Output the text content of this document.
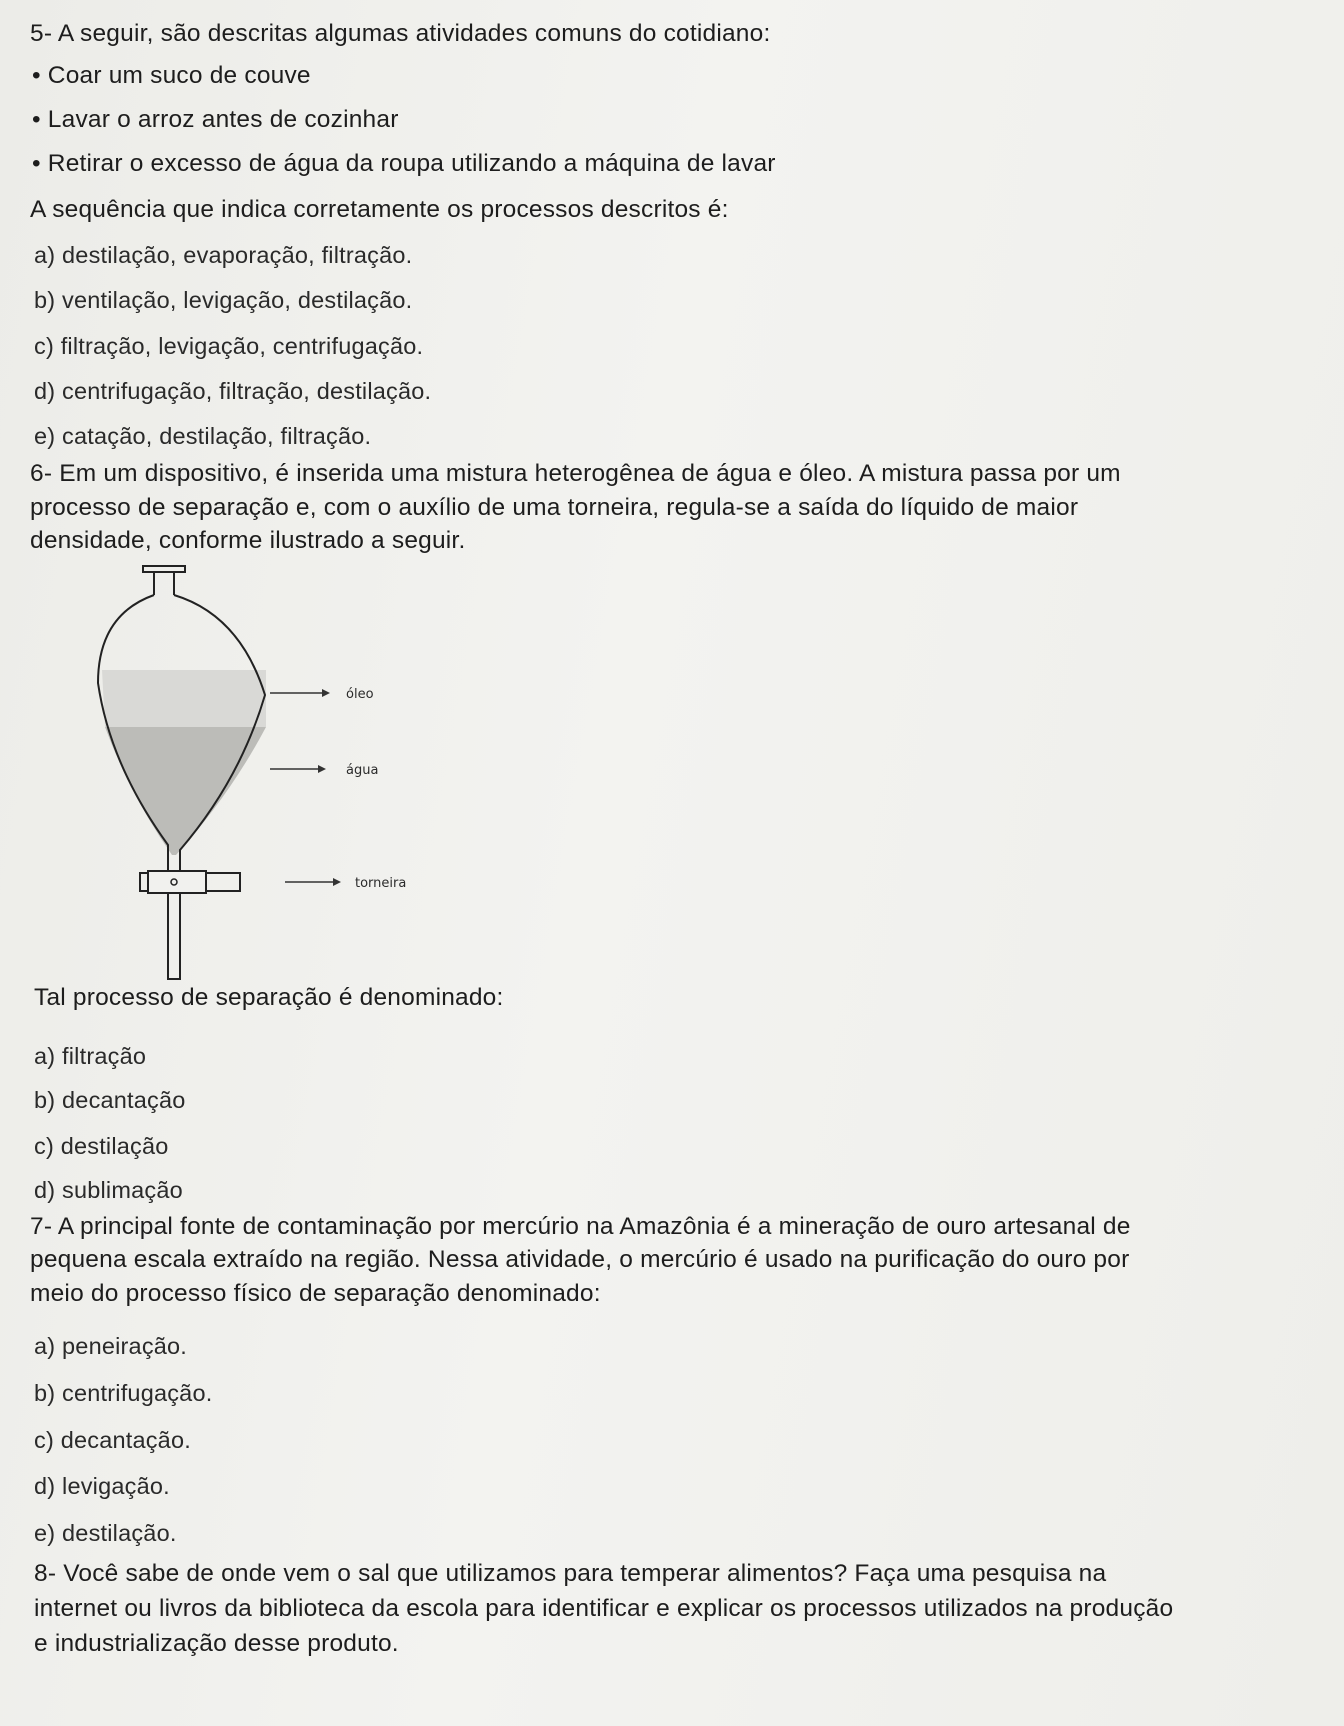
5- A seguir, são descritas algumas atividades comuns do cotidiano:
• Coar um suco de couve
• Lavar o arroz antes de cozinhar
• Retirar o excesso de água da roupa utilizando a máquina de lavar
A sequência que indica corretamente os processos descritos é:
a) destilação, evaporação, filtração.
b) ventilação, levigação, destilação.
c) filtração, levigação, centrifugação.
d) centrifugação, filtração, destilação.
e) catação, destilação, filtração.
6- Em um dispositivo, é inserida uma mistura heterogênea de água e óleo. A mistura passa por um
processo de separação e, com o auxílio de uma torneira, regula-se a saída do líquido de maior
densidade, conforme ilustrado a seguir.
óleo
água
torneira
Tal processo de separação é denominado:
a) filtração
b) decantação
c) destilação
d) sublimação
7- A principal fonte de contaminação por mercúrio na Amazônia é a mineração de ouro artesanal de
pequena escala extraído na região. Nessa atividade, o mercúrio é usado na purificação do ouro por
meio do processo físico de separação denominado:
a) peneiração.
b) centrifugação.
c) decantação.
d) levigação.
e) destilação.
8- Você sabe de onde vem o sal que utilizamos para temperar alimentos? Faça uma pesquisa na
internet ou livros da biblioteca da escola para identificar e explicar os processos utilizados na produção
e industrialização desse produto.
